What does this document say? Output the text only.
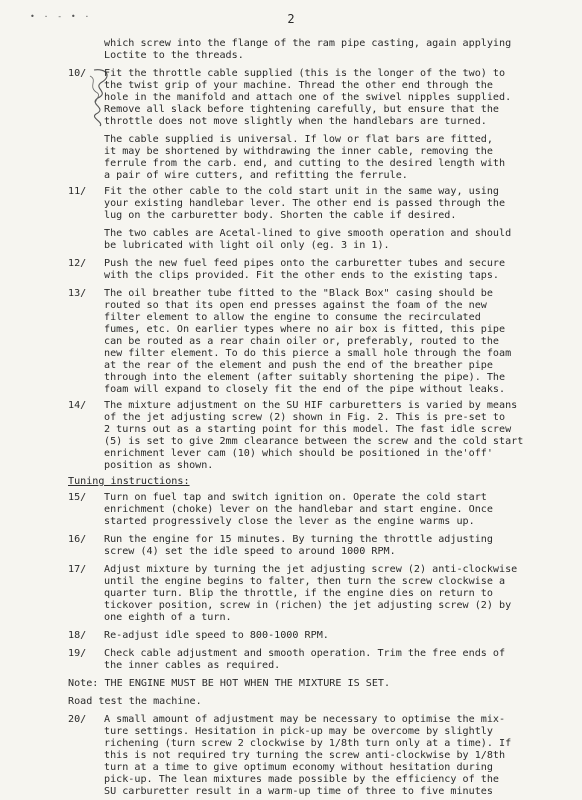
• · - • ·	2
which screw into the flange of the ram pipe casting, again applying
Loctite to the threads.
10/ Fit the throttle cable supplied (this is the longer of the two) to
the twist grip of your machine. Thread the other end through the
hole in the manifold and attach one of the swivel nipples supplied.
Remove all slack before tightening carefully, but ensure that the
throttle does not move slightly when the handlebars are turned.
The cable supplied is universal. If low or flat bars are fitted,
it may be shortened by withdrawing the inner cable, removing the
ferrule from the carb. end, and cutting to the desired length with
a pair of wire cutters, and refitting the ferrule.
11/ Fit the other cable to the cold start unit in the same way, using
your existing handlebar lever. The other end is passed through the
lug on the carburetter body. Shorten the cable if desired.
The two cables are Acetal-lined to give smooth operation and should
be lubricated with light oil only (eg. 3 in 1).
12/ Push the new fuel feed pipes onto the carburetter tubes and secure
with the clips provided. Fit the other ends to the existing taps.
13/ The oil breather tube fitted to the "Black Box" casing should be
routed so that its open end presses against the foam of the new
filter element to allow the engine to consume the recirculated
fumes, etc. On earlier types where no air box is fitted, this pipe
can be routed as a rear chain oiler or, preferably, routed to the
new filter element. To do this pierce a small hole through the foam
at the rear of the element and push the end of the breather pipe
through into the element (after suitably shortening the pipe). The
foam will expand to closely fit the end of the pipe without leaks.
14/ The mixture adjustment on the SU HIF carburetters is varied by means
of the jet adjusting screw (2) shown in Fig. 2. This is pre-set to
2 turns out as a starting point for this model. The fast idle screw
(5) is set to give 2mm clearance between the screw and the cold start
enrichment lever cam (10) which should be positioned in the'off'
position as shown.
Tuning instructions:
15/ Turn on fuel tap and switch ignition on. Operate the cold start
enrichment (choke) lever on the handlebar and start engine. Once
started progressively close the lever as the engine warms up.
16/ Run the engine for 15 minutes. By turning the throttle adjusting
screw (4) set the idle speed to around 1000 RPM.
17/ Adjust mixture by turning the jet adjusting screw (2) anti-clockwise
until the engine begins to falter, then turn the screw clockwise a
quarter turn. Blip the throttle, if the engine dies on return to
tickover position, screw in (richen) the jet adjusting screw (2) by
one eighth of a turn.
18/ Re-adjust idle speed to 800-1000 RPM.
19/ Check cable adjustment and smooth operation. Trim the free ends of
the inner cables as required.
Note: THE ENGINE MUST BE HOT WHEN THE MIXTURE IS SET.
Road test the machine.
20/ A small amount of adjustment may be necessary to optimise the mix-
ture settings. Hesitation in pick-up may be overcome by slightly
richening (turn screw 2 clockwise by 1/8th turn only at a time). If
this is not required try turning the screw anti-clockwise by 1/8th
turn at a time to give optimum economy without hesitation during
pick-up. The lean mixtures made possible by the efficiency of the
SU carburetter result in a warm-up time of three to five minutes
